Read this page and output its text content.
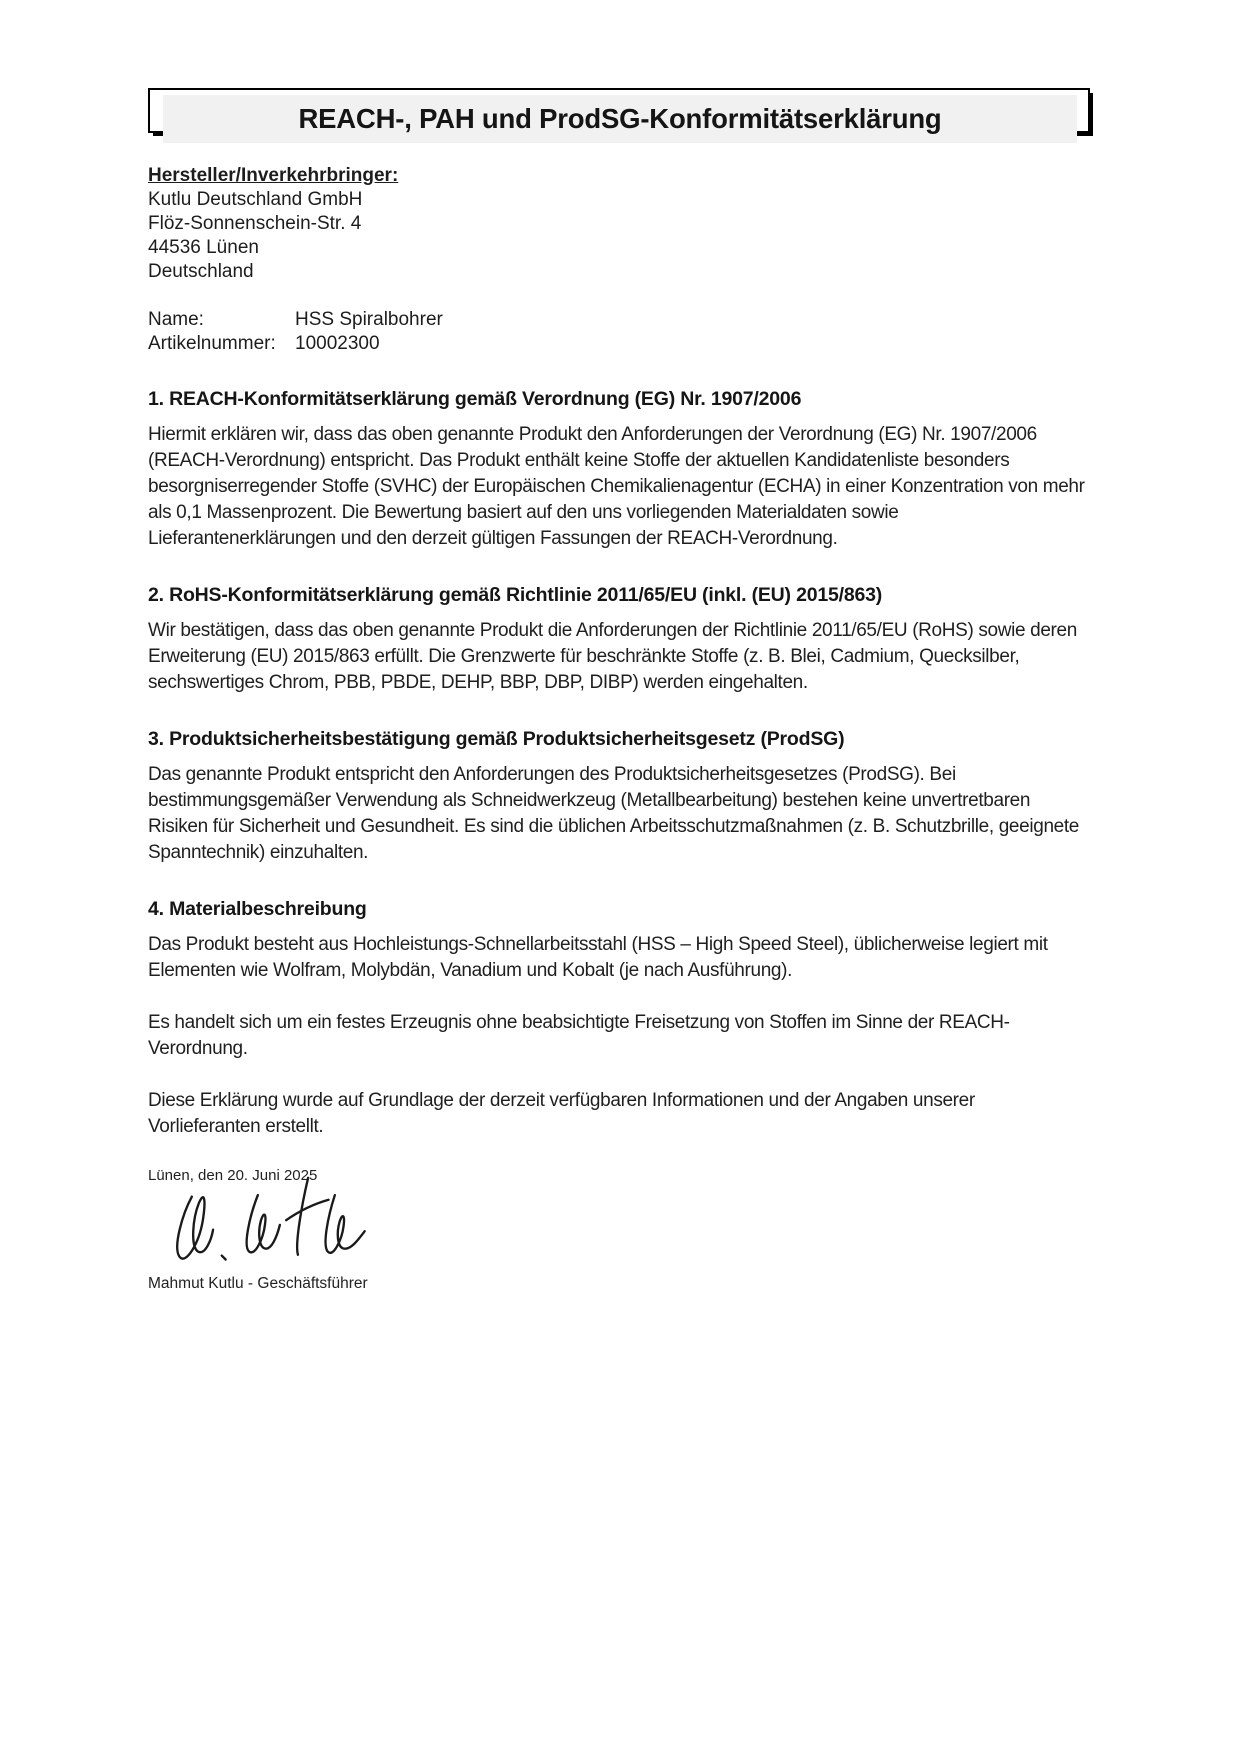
REACH-, PAH und ProdSG-Konformitätserklärung
Hersteller/Inverkehrbringer:
Kutlu Deutschland GmbH
Flöz-Sonnenschein-Str. 4
44536 Lünen
Deutschland
Name:	HSS Spiralbohrer
Artikelnummer:	10002300
1. REACH-Konformitätserklärung gemäß Verordnung (EG) Nr. 1907/2006

Hiermit erklären wir, dass das oben genannte Produkt den Anforderungen der Verordnung (EG) Nr. 1907/2006 (REACH-Verordnung) entspricht. Das Produkt enthält keine Stoffe der aktuellen Kandidatenliste besonders besorgniserregender Stoffe (SVHC) der Europäischen Chemikalienagentur (ECHA) in einer Konzentration von mehr als 0,1 Massenprozent. Die Bewertung basiert auf den uns vorliegenden Materialdaten sowie Lieferantenerklärungen und den derzeit gültigen Fassungen der REACH-Verordnung.

2. RoHS-Konformitätserklärung gemäß Richtlinie 2011/65/EU (inkl. (EU) 2015/863)

Wir bestätigen, dass das oben genannte Produkt die Anforderungen der Richtlinie 2011/65/EU (RoHS) sowie deren Erweiterung (EU) 2015/863 erfüllt. Die Grenzwerte für beschränkte Stoffe (z. B. Blei, Cadmium, Quecksilber, sechswertiges Chrom, PBB, PBDE, DEHP, BBP, DBP, DIBP) werden eingehalten.

3. Produktsicherheitsbestätigung gemäß Produktsicherheitsgesetz (ProdSG)

Das genannte Produkt entspricht den Anforderungen des Produktsicherheitsgesetzes (ProdSG). Bei bestimmungsgemäßer Verwendung als Schneidwerkzeug (Metallbearbeitung) bestehen keine unvertretbaren Risiken für Sicherheit und Gesundheit. Es sind die üblichen Arbeitsschutzmaßnahmen (z. B. Schutzbrille, geeignete Spanntechnik) einzuhalten.

4. Materialbeschreibung

Das Produkt besteht aus Hochleistungs-Schnellarbeitsstahl (HSS – High Speed Steel), üblicherweise legiert mit Elementen wie Wolfram, Molybdän, Vanadium und Kobalt (je nach Ausführung).

Es handelt sich um ein festes Erzeugnis ohne beabsichtigte Freisetzung von Stoffen im Sinne der REACH-Verordnung.

Diese Erklärung wurde auf Grundlage der derzeit verfügbaren Informationen und der Angaben unserer Vorlieferanten erstellt.

Lünen, den 20. Juni 2025
Mahmut Kutlu - Geschäftsführer
